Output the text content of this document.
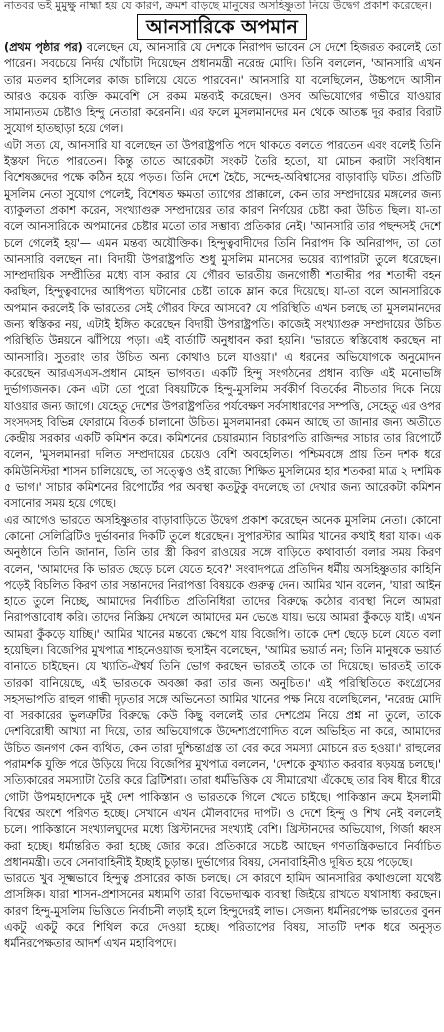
নাতবর ভই মুমুক্ষু নাহ্মা হয় যে কারণ, ক্রমশ বাড়ছে মানুষের অসহিষ্ণুতা নিয়ে উদ্বেগ প্রকাশ করেছেন।
আনসারিকে অপমান

(প্রথম পৃষ্ঠার পর) বলেছেন যে, আনসারি যে দেশকে নিরাপদ ভাবেন সে দেশে হিজরত করলেই তো পারেন। সবচেয়ে নির্দয় খোঁচাটা দিয়েছেন প্রধানমন্ত্রী নরেন্দ্র মোদি। তিনি বললেন, 'আনসারি এখন তার মতলব হাসিলের কাজ চালিয়ে যেতে পারবেন।' আনসারি যা বলেছিলেন, উচ্চপদে আসীন আরও কয়েক ব্যক্তি কমবেশি সে রকম মন্তব্যই করেছেন। ওসব অভিযোগের গভীরে যাওয়ার সামান্যতম চেষ্টাও হিন্দু নেতারা করেননি। এর ফলে মুসলমানদের মন থেকে আতঙ্ক দূর করার বিরাট সুযোগ হাতছাড়া হয়ে গেল।

এটা সত্য যে, আনসারি যা বলেছেন তা উপরাষ্ট্রপতি পদে থাকতে বলতে পারতেন এবং বলেই তিনি ইস্তফা দিতে পারতেন। কিন্তু তাতে আরেকটা সংকট তৈরি হতো, যা মোচন করাটা সংবিধান বিশেষজ্ঞদের পক্ষে কঠিন হয়ে পড়ত। তিনি দেশে হৈচৈ, সন্দেহ-অবিশ্বাসের বাড়াবাড়ি ঘটত। প্রতিটি মুসলিম নেতা সুযোগ পেলেই, বিশেষত ক্ষমতা ত্যাগের প্রাক্কালে, কেন তার সম্প্রদায়ের মঙ্গলের জন্য ব্যাকুলতা প্রকাশ করেন, সংখ্যাগুরু সম্প্রদায়ের তার কারণ নির্ণয়ের চেষ্টা করা উচিত ছিল। যা-তা বলে আনসারিকে অপমানের চেষ্টার মতো তার সম্ভাব্য প্রতিকার নেই। 'আনসারি তার পছন্দসই দেশে চলে গেলেই হয়'— এমন মন্তব্য অযৌক্তিক। হিন্দুত্ববাদীদের তিনি নিরাপদ কি অনিরাপদ, তা তো আনসারি বলছেন না। বিদায়ী উপরাষ্ট্রপতি শুধু মুসলিম মানসের ভয়ের ব্যাপারটা তুলে ধরেছেন। সাম্প্রদায়িক সম্প্রীতির মধ্যে বাস করার যে গৌরব ভারতীয় জনগোষ্ঠী শতাব্দীর পর শতাব্দী বহন করছিল, হিন্দুত্ববাদের আধিপত্য ঘটানোর চেষ্টা তাকে ম্লান করে দিয়েছে। যা-তা বলে আনসারিকে অপমান করলেই কি ভারতের সেই গৌরব ফিরে আসবে? যে পরিস্থিতি এখন চলছে তা মুসলমানদের জন্য স্বস্তিকর নয়, এটাই ইঙ্গিত করেছেন বিদায়ী উপরাষ্ট্রপতি। কাজেই সংখ্যাগুরু সম্প্রদায়ের উচিত পরিস্থিতি উন্নয়নে ঝাঁপিয়ে পড়া। এই বার্তাটি অনুধাবন করা হয়নি। 'ভারতে স্বস্তিবোধ করছেন না আনসারি। সুতরাং তার উচিত অন্য কোথাও চলে যাওয়া।' এ ধরনের অভিযোগকে অনুমোদন করেছেন আরএসএস-প্রধান মোহন ভাগবত। একটি হিন্দু সংগঠনের প্রধান ব্যক্তি এই মনোভঙ্গি দুর্ভাগ্যজনক। কেন এটা তো পুরো বিষয়টিকে হিন্দু-মুসলিম সর্বকীর্ণ বিতর্কের নীচতার দিকে নিয়ে যাওয়ার জন্য জাগে। যেহেতু দেশের উপরাষ্ট্রপতির পর্যবেক্ষণ সর্বসাধারণের সম্পত্তি, সেহেতু এর ওপর সংসদসহ বিভিন্ন ফোরামে বিতর্ক চালানো উচিত। মুসলমানরা কেমন আছে তা জানার জন্য অতীতে কেন্দ্রীয় সরকার একটি কমিশন করে। কমিশনের চেয়ারম্যান বিচারপতি রাজিন্দর সাচার তার রিপোর্টে বলেন, 'মুসলমানরা দলিত সম্প্রদায়ের চেয়েও বেশি অবহেলিত। পশ্চিমবঙ্গে প্রায় তিন দশক ধরে কমিউনিস্টরা শাসন চালিয়েছে, তা সত্ত্বেও ওই রাজ্যে শিক্ষিত মুসলিমের হার শতকরা মাত্র ২ দশমিক ৫ ভাগ।' সাচার কমিশনের রিপোর্টের পর অবস্থা কতটুকু বদলেছে তা দেখার জন্য আরেকটা কমিশন বসানোর সময় হয়ে গেছে।

এর আগেও ভারতে অসহিষ্ণুতার বাড়াবাড়িতে উদ্বেগ প্রকাশ করেছেন অনেক মুসলিম নেতা। কোনো কোনো সেলিব্রিটিও দুর্ভাবনার দিকটি তুলে ধরেছেন। সুপারস্টার আমির খানের কথাই ধরা যাক। এক অনুষ্ঠানে তিনি জানান, তিনি তার স্ত্রী কিরণ রাওয়ের সঙ্গে বাড়িতে কথাবার্তা বলার সময় কিরণ বলেন, 'আমাদের কি ভারত ছেড়ে চলে যেতে হবে?' সংবাদপত্রে প্রতিদিন ধর্মীয় অসহিষ্ণুতার কাহিনি পড়েই বিচলিত কিরণ তার সন্তানদের নিরাপত্তা বিষয়কে গুরুত্ব দেন। আমির খান বলেন, 'যারা আইন হাতে তুলে নিচ্ছে, আমাদের নির্বাচিত প্রতিনিধিরা তাদের বিরুদ্ধে কঠোর ব্যবস্থা নিলে আমরা নিরাপত্তাবোধ করি। তাদের নিস্ক্রিয় দেখলে আমাদের মন ভেঙে যায়। ভয়ে আমরা কুঁকড়ে যাই। এখন আমরা কুঁকড়ে যাচ্ছি।' আমির খানের মন্তব্যে ক্ষেপে যায় বিজেপি। তাকে দেশ ছেড়ে চলে যেতে বলা হয়েছিল। বিজেপির মুখপাত্র শাহনেওয়াজ হুসাইন বলেছেন, 'আমির ভয়ার্ত নন; তিনি মানুষকে ভয়ার্ত বানাতে চাইছেন। যে খ্যাতি-ঐশ্বর্য তিনি ভোগ করছেন ভারতই তাকে তা দিয়েছে। ভারতই তাকে তারকা বানিয়েছে, এই ভারতকে অবজ্ঞা করা তার জন্য অনুচিত।' এই পরিস্থিতিতে কংগ্রেসের সহসভাপতি রাহুল গান্ধী দৃঢ়তার সঙ্গে অভিনেতা আমির খানের পক্ষ নিয়ে বলেছিলেন, 'নরেন্দ্র মোদি বা সরকারের ভুলত্রুটির বিরুদ্ধে কেউ কিছু বললেই তার দেশপ্রেম নিয়ে প্রশ্ন না তুলে, তাকে দেশবিরোধী আখ্যা না দিয়ে, তার অভিযোগকে উদ্দেশ্যপ্রণোদিত বলে অভিহিত না করে, আমাদের উচিত জনগণ কেন ব্যথিত, কেন তারা দুশ্চিন্তাগ্রস্ত তা বের করে সমস্যা মোচনে রত হওয়া।' রাহুলের পরামর্শক যুক্তি পরে উড়িয়ে দিয়ে বিজেপির মুখপাত্র বললেন, 'দেশকে কুখ্যাত করবার ষড়যন্ত্র চলছে।' সত্যিকারের সমস্যাটা তৈরি করে ব্রিটিশরা। তারা ধর্মভিত্তিক যে সীমারেখা এঁকেছে তার বিষ ধীরে ধীরে গোটা উপমহাদেশকে দুই দেশ পাকিস্তান ও ভারতকে গিলে খেতে চাইছে। পাকিস্তান ক্রমে ইসলামী বিশ্বের অংশে পরিণত হচ্ছে। সেখানে এখন মৌলবাদের দাপট। ও দেশে হিন্দু ও শিখ নেই বললেই চলে। পাকিস্তানে সংখ্যালঘুদের মধ্যে খ্রিস্টানদের সংখ্যাই বেশি। খ্রিস্টানদের অভিযোগ, গির্জা ধ্বংস করা হচ্ছে। ধর্মান্তরিত করা হচ্ছে জোর করে। প্রতিকারে সচেষ্ট আছেন গণতান্ত্রিকভাবে নির্বাচিত প্রধানমন্ত্রী। তবে সেনাবাহিনীই ইচ্ছাই চূড়ান্ত। দুর্ভাগ্যের বিষয়, সেনাবাহিনীও দূষিত হয়ে পড়েছে।

ভারতে খুব সূক্ষ্মভাবে হিন্দুত্ব প্রসারের কাজ চলছে। সে কারণে হামিদ আনসারির কথাগুলো যথেষ্ট প্রাসঙ্গিক। যারা শাসন-প্রশাসনের মধ্যমণি তারা বিভেদাত্মক ব্যবস্থা জিইয়ে রাখতে যথাসাধ্য করছেন। কারণ হিন্দু-মুসলিম ভিত্তিতে নির্বাচনী লড়াই হলে হিন্দুদেরই লাভ। সেজন্য ধর্মনিরপেক্ষ ভারতের বুনন একটু একটু করে শিথিল করে দেওয়া হচ্ছে। পরিতাপের বিষয়, সাতটি দশক ধরে অনুসৃত ধর্মনিরপেক্ষতার আদর্শ এখন মহাবিপদে।
